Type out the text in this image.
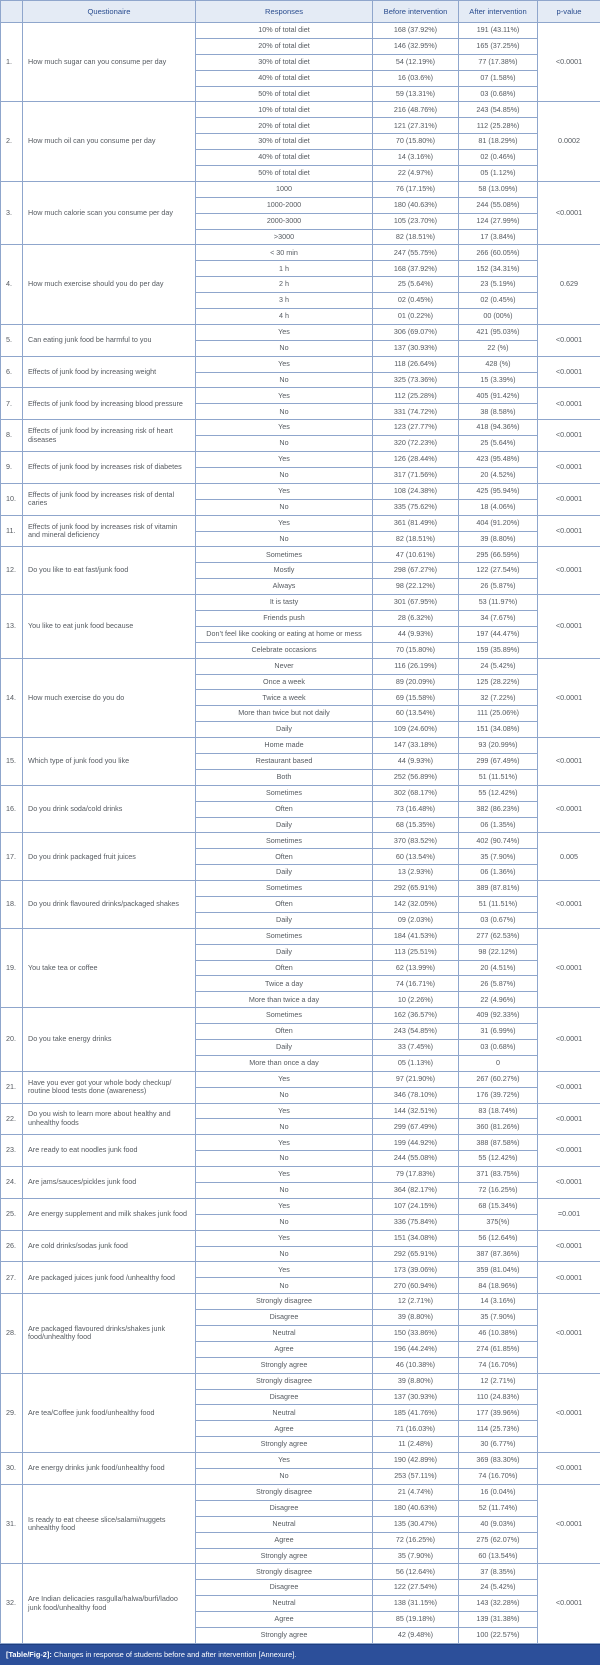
	Questionaire	Responses	Before intervention	After intervention	p-value
1.	How much sugar can you consume per day	10% of total diet	168 (37.92%)	191 (43.11%)	<0.0001
		20% of total diet	146 (32.95%)	165 (37.25%)	
		30% of total diet	54 (12.19%)	77 (17.38%)	
		40% of total diet	16 (03.6%)	07 (1.58%)	
		50% of total diet	59 (13.31%)	03 (0.68%)	
2.	How much oil can you consume per day	10% of total diet	216 (48.76%)	243 (54.85%)	0.0002
		20% of total diet	121 (27.31%)	112 (25.28%)	
		30% of total diet	70 (15.80%)	81 (18.29%)	
		40% of total diet	14 (3.16%)	02 (0.46%)	
		50% of total diet	22 (4.97%)	05 (1.12%)	
3.	How much calorie scan you consume per day	1000	76 (17.15%)	58 (13.09%)	<0.0001
		1000-2000	180 (40.63%)	244 (55.08%)	
		2000-3000	105 (23.70%)	124 (27.99%)	
		>3000	82 (18.51%)	17 (3.84%)	
4.	How much exercise should you do per day	< 30 min	247 (55.75%)	266 (60.05%)	0.629
		1 h	168 (37.92%)	152 (34.31%)	
		2 h	25 (5.64%)	23 (5.19%)	
		3 h	02 (0.45%)	02 (0.45%)	
		4 h	01 (0.22%)	00 (00%)	
5.	Can eating junk food be harmful to you	Yes	306 (69.07%)	421 (95.03%)	<0.0001
		No	137 (30.93%)	22 (%)	
6.	Effects of junk food by increasing weight	Yes	118 (26.64%)	428 (%)	<0.0001
		No	325 (73.36%)	15 (3.39%)	
7.	Effects of junk food by increasing blood pressure	Yes	112 (25.28%)	405 (91.42%)	<0.0001
		No	331 (74.72%)	38 (8.58%)	
8.	Effects of junk food by increasing risk of heart diseases	Yes	123 (27.77%)	418 (94.36%)	<0.0001
		No	320 (72.23%)	25 (5.64%)	
9.	Effects of junk food by increases risk of diabetes	Yes	126 (28.44%)	423 (95.48%)	<0.0001
		No	317 (71.56%)	20 (4.52%)	
10.	Effects of junk food by increases risk of dental caries	Yes	108 (24.38%)	425 (95.94%)	<0.0001
		No	335 (75.62%)	18 (4.06%)	
11.	Effects of junk food by increases risk of vitamin and mineral deficiency	Yes	361 (81.49%)	404 (91.20%)	<0.0001
		No	82 (18.51%)	39 (8.80%)	
12.	Do you like to eat fast/junk food	Sometimes	47 (10.61%)	295 (66.59%)	<0.0001
		Mostly	298 (67.27%)	122 (27.54%)	
		Always	98 (22.12%)	26 (5.87%)	
13.	You like to eat junk food because	It is tasty	301 (67.95%)	53 (11.97%)	<0.0001
		Friends push	28 (6.32%)	34 (7.67%)	
		Don’t feel like cooking or eating at home or mess	44 (9.93%)	197 (44.47%)	
		Celebrate occasions	70 (15.80%)	159 (35.89%)	
14.	How much exercise do you do	Never	116 (26.19%)	24 (5.42%)	<0.0001
		Once a week	89 (20.09%)	125 (28.22%)	
		Twice a week	69 (15.58%)	32 (7.22%)	
		More than twice but not daily	60 (13.54%)	111 (25.06%)	
		Daily	109 (24.60%)	151 (34.08%)	
15.	Which type of junk food you like	Home made	147 (33.18%)	93 (20.99%)	<0.0001
		Restaurant based	44 (9.93%)	299 (67.49%)	
		Both	252 (56.89%)	51 (11.51%)	
16.	Do you drink soda/cold drinks	Sometimes	302 (68.17%)	55 (12.42%)	<0.0001
		Often	73 (16.48%)	382 (86.23%)	
		Daily	68 (15.35%)	06 (1.35%)	
17.	Do you drink packaged fruit juices	Sometimes	370 (83.52%)	402 (90.74%)	0.005
		Often	60 (13.54%)	35 (7.90%)	
		Daily	13 (2.93%)	06 (1.36%)	
18.	Do you drink flavoured drinks/packaged shakes	Sometimes	292 (65.91%)	389 (87.81%)	<0.0001
		Often	142 (32.05%)	51 (11.51%)	
		Daily	09 (2.03%)	03 (0.67%)	
19.	You take tea or coffee	Sometimes	184 (41.53%)	277 (62.53%)	<0.0001
		Daily	113 (25.51%)	98 (22.12%)	
		Often	62 (13.99%)	20 (4.51%)	
		Twice a day	74 (16.71%)	26 (5.87%)	
		More than twice a day	10 (2.26%)	22 (4.96%)	
20.	Do you take energy drinks	Sometimes	162 (36.57%)	409 (92.33%)	<0.0001
		Often	243 (54.85%)	31 (6.99%)	
		Daily	33 (7.45%)	03 (0.68%)	
		More than once a day	05 (1.13%)	0	
21.	Have you ever got your whole body checkup/ routine blood tests done (awareness)	Yes	97 (21.90%)	267 (60.27%)	<0.0001
		No	346 (78.10%)	176 (39.72%)	
22.	Do you wish to learn more about healthy and unhealthy foods	Yes	144 (32.51%)	83 (18.74%)	<0.0001
		No	299 (67.49%)	360 (81.26%)	
23.	Are ready to eat noodles junk food	Yes	199 (44.92%)	388 (87.58%)	<0.0001
		No	244 (55.08%)	55 (12.42%)	
24.	Are jams/sauces/pickles junk food	Yes	79 (17.83%)	371 (83.75%)	<0.0001
		No	364 (82.17%)	72 (16.25%)	
25.	Are energy supplement and milk shakes junk food	Yes	107 (24.15%)	68 (15.34%)	=0.001
		No	336 (75.84%)	375(%)	
26.	Are cold drinks/sodas junk food	Yes	151 (34.08%)	56 (12.64%)	<0.0001
		No	292 (65.91%)	387 (87.36%)	
27.	Are packaged juices junk food /unhealthy food	Yes	173 (39.06%)	359 (81.04%)	<0.0001
		No	270 (60.94%)	84 (18.96%)	
28.	Are packaged flavoured drinks/shakes junk food/unhealthy food	Strongly disagree	12 (2.71%)	14 (3.16%)	<0.0001
		Disagree	39 (8.80%)	35 (7.90%)	
		Neutral	150 (33.86%)	46 (10.38%)	
		Agree	196 (44.24%)	274 (61.85%)	
		Strongly agree	46 (10.38%)	74 (16.70%)	
29.	Are tea/Coffee junk food/unhealthy food	Strongly disagree	39 (8.80%)	12 (2.71%)	<0.0001
		Disagree	137 (30.93%)	110 (24.83%)	
		Neutral	185 (41.76%)	177 (39.96%)	
		Agree	71 (16.03%)	114 (25.73%)	
		Strongly agree	11 (2.48%)	30 (6.77%)	
30.	Are energy drinks junk food/unhealthy food	Yes	190 (42.89%)	369 (83.30%)	<0.0001
		No	253 (57.11%)	74 (16.70%)	
31.	Is ready to eat cheese slice/salami/nuggets unhealthy food	Strongly disagree	21 (4.74%)	16 (0.04%)	<0.0001
		Disagree	180 (40.63%)	52 (11.74%)	
		Neutral	135 (30.47%)	40 (9.03%)	
		Agree	72 (16.25%)	275 (62.07%)	
		Strongly agree	35 (7.90%)	60 (13.54%)	
32.	Are Indian delicacies rasgulla/halwa/burfi/ladoo junk food/unhealthy food	Strongly disagree	56 (12.64%)	37 (8.35%)	<0.0001
		Disagree	122 (27.54%)	24 (5.42%)	
		Neutral	138 (31.15%)	143 (32.28%)	
		Agree	85 (19.18%)	139 (31.38%)	
		Strongly agree	42 (9.48%)	100 (22.57%)	
[Table/Fig-2]: Changes in response of students before and after intervention [Annexure].
